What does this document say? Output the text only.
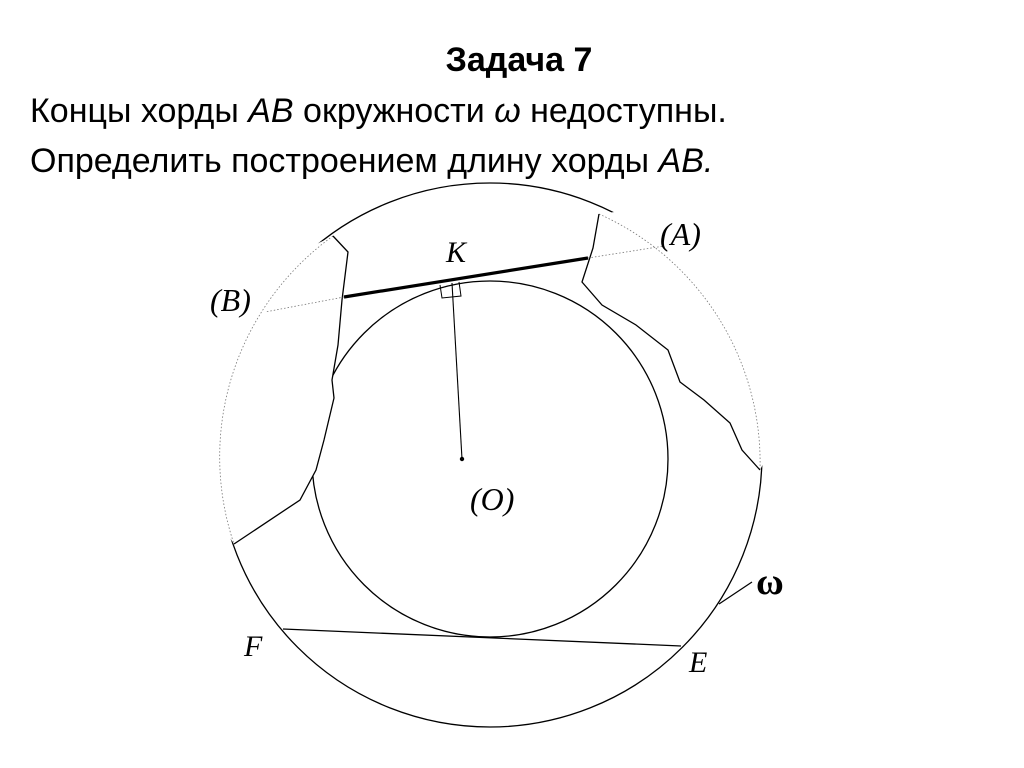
Задача 7
Концы хорды AB окружности ω недоступны.
Определить построением длину хорды AB.
(A)
(B)
K
(O)
F	E
ω
